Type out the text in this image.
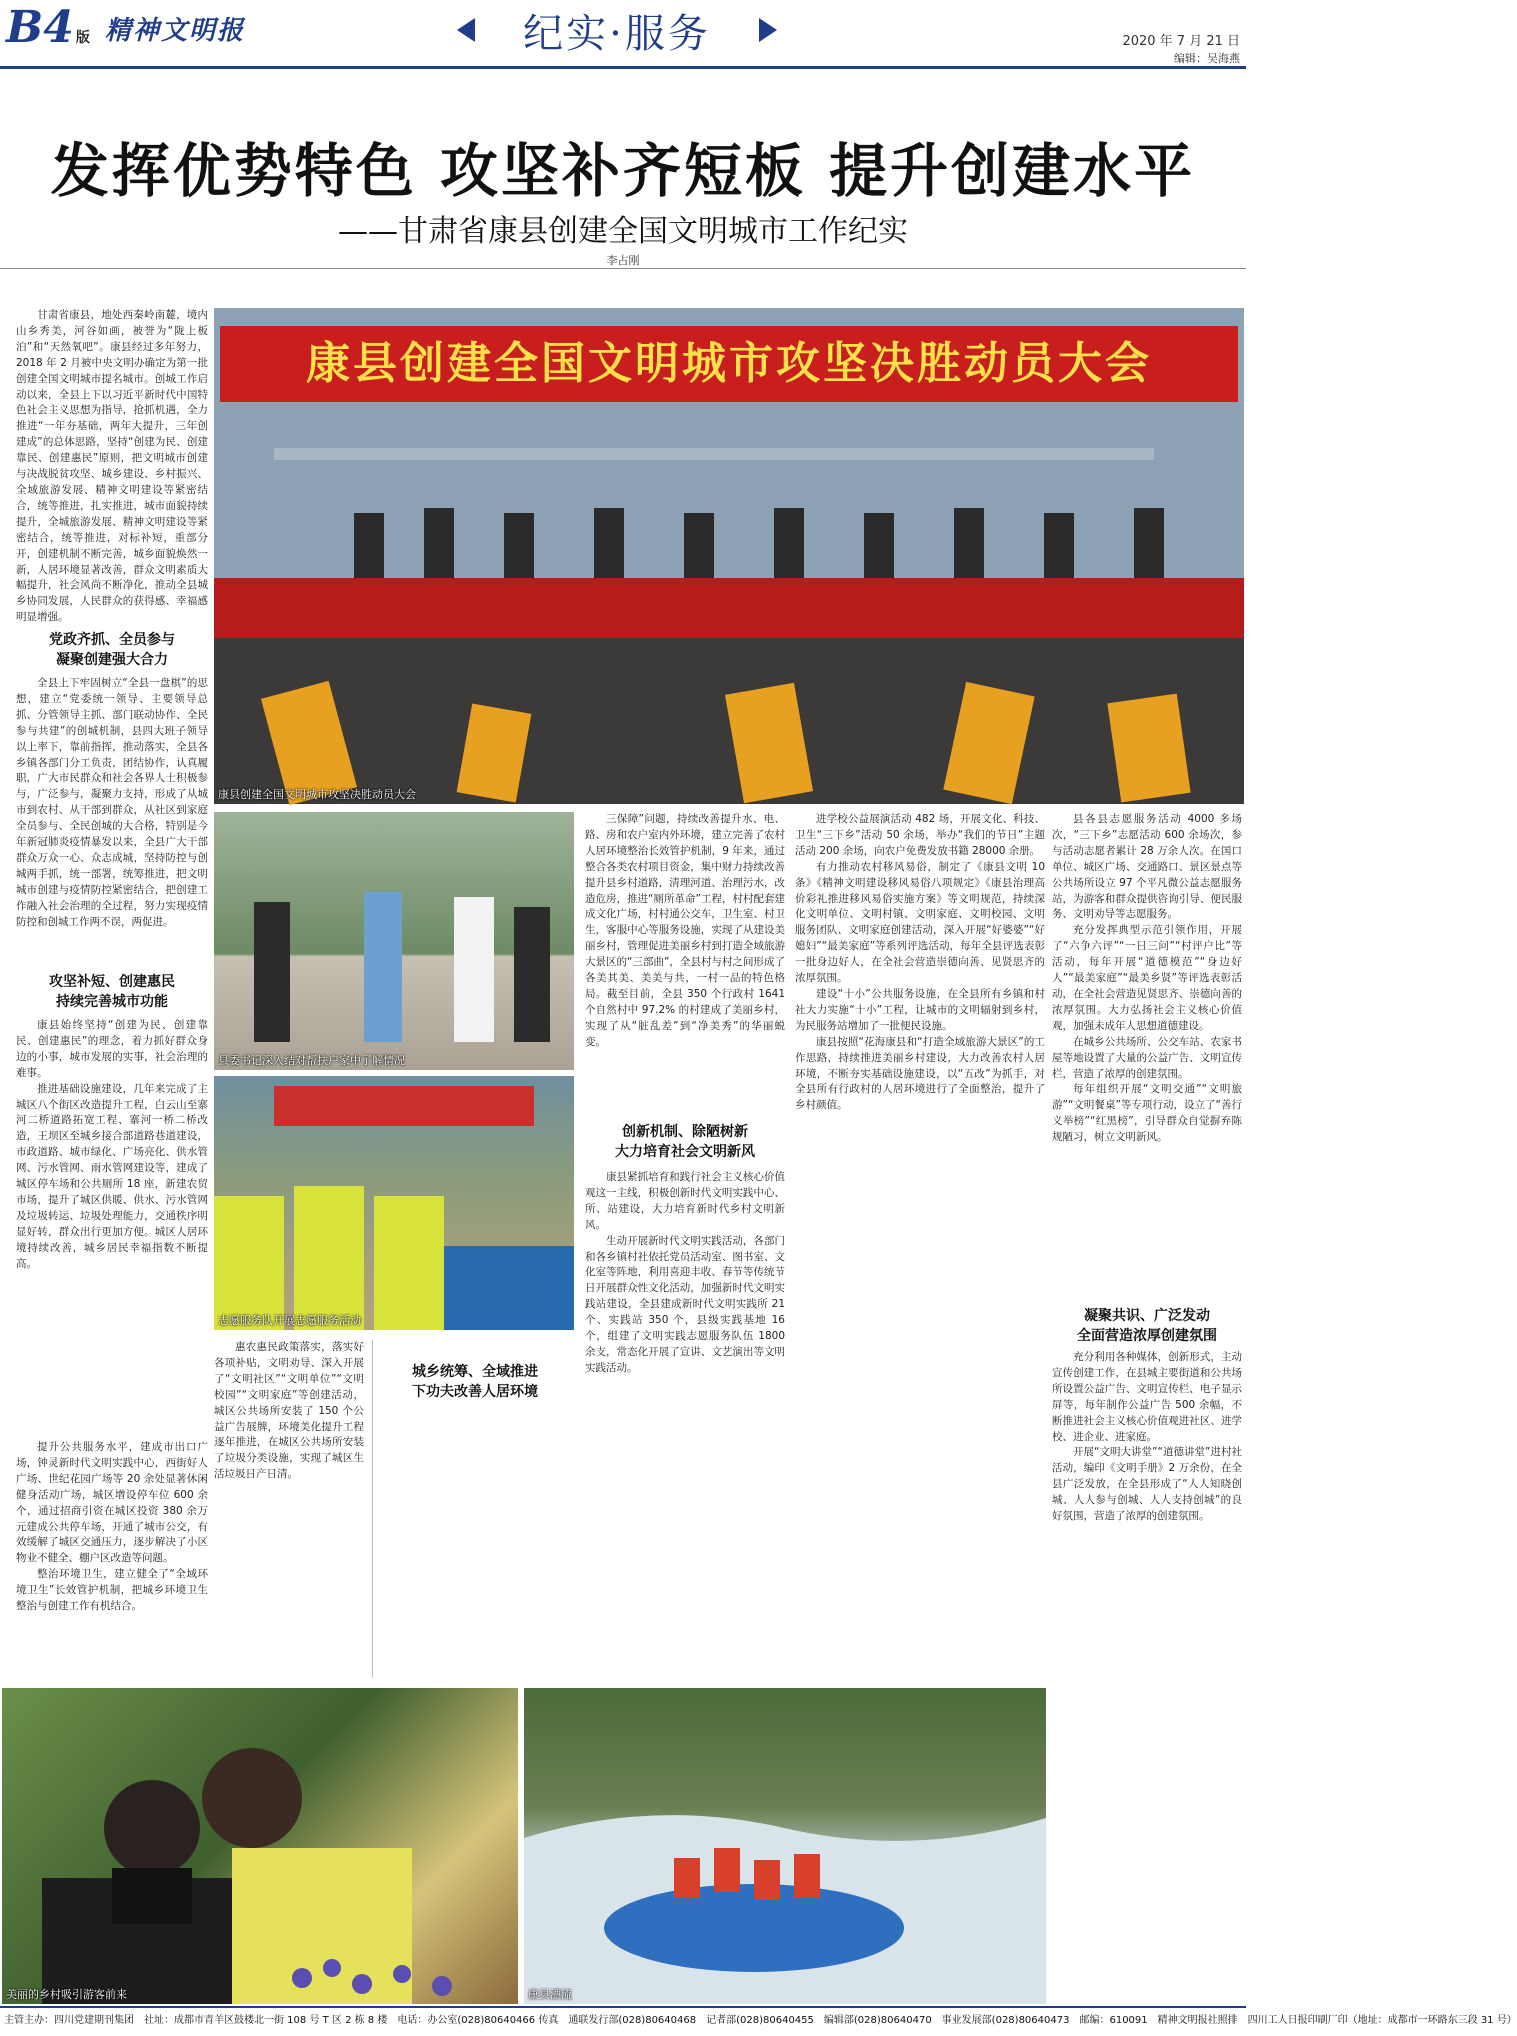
B4 版 精神文明报	纪实·服务	2020 年 7 月 21 日
编辑：吴海燕
发挥优势特色 攻坚补齐短板 提升创建水平
——甘肃省康县创建全国文明城市工作纪实
李占刚

甘肃省康县，地处西秦岭南麓，境内山乡秀美，河谷如画，被誉为“陇上板泊”和“天然氧吧”。康县经过多年努力，2018 年 2 月被中央文明办确定为第一批创建全国文明城市提名城市。创城工作启动以来，全县上下以习近平新时代中国特色社会主义思想为指导，抢抓机遇，全力推进“一年夯基础，两年大提升，三年创建成”的总体思路，坚持“创建为民、创建靠民、创建惠民”原则，把文明城市创建与决战脱贫攻坚、城乡建设、乡村振兴、全域旅游发展、精神文明建设等紧密结合，统等推进，扎实推进，城市面貌持续提升，全城旅游发展、精神文明建设等紧密结合，统等推进，对标补短，重部分开，创建机制不断完善，城乡面貌焕然一新，人居环境显著改善，群众文明素质大幅提升，社会风尚不断净化，推动全县城乡协同发展，人民群众的获得感、幸福感明显增强。

党政齐抓、全员参与
凝聚创建强大合力

全县上下牢固树立“全县一盘棋”的思想，建立“党委统一领导、主要领导总抓、分管领导主抓、部门联动协作、全民参与共建”的创城机制，县四大班子领导以上率下，靠前指挥，推动落实，全县各乡镇各部门分工负责，团结协作，认真履职，广大市民群众和社会各界人士积极参与，广泛参与，凝聚力支持，形成了从城市到农村、从干部到群众，从社区到家庭全员参与、全民创城的大合格，特别是今年新冠肺炎疫情暴发以来，全县广大干部群众万众一心、众志成城，坚持防控与创城两手抓，统一部署，统筹推进，把文明城市创建与疫情防控紧密结合，把创建工作融入社会治理的全过程，努力实现疫情防控和创城工作两不误，两促进。

攻坚补短、创建惠民
持续完善城市功能

康县始终坚持“创建为民、创建靠民、创建惠民”的理念，着力抓好群众身边的小事，城市发展的实事，社会治理的难事。

推进基础设施建设，几年来完成了主城区八个街区改造提升工程，白云山至寨河二桥道路拓宽工程、寨河一桥二桥改造，王坝区至城乡接合部道路巷道建设，市政道路、城市绿化、广场亮化、供水管网、污水管网、雨水管网建设等，建成了城区停车场和公共厕所 18 座，新建农贸市场，提升了城区供暖、供水、污水管网及垃圾转运、垃圾处理能力，交通秩序明显好转，群众出行更加方便。城区人居环境持续改善，城乡居民幸福指数不断提高。

提升公共服务水平，建成市出口广场，钟灵新时代文明实践中心，西街好人广场、世纪花园广场等 20 余处显著休闲健身活动广场，城区增设停车位 600 余个，通过招商引资在城区投资 380 余万元建成公共停车场，开通了城市公交，有效缓解了城区交通压力，逐步解决了小区物业不健全、棚户区改造等问题。

整治环境卫生，建立健全了“全域环境卫生”长效管护机制，把城乡环境卫生整治与创建工作有机结合。

康县创建全国文明城市攻坚决胜动员大会
康县创建全国文明城市攻坚决胜动员大会
县委书记深入结对帮扶户家中了解情况
志愿服务队开展志愿服务活动

三保障”问题，持续改善提升水、电、路、房和农户室内外环境，建立完善了农村人居环境整治长效管护机制，9 年来，通过整合各类农村项目资金，集中财力持续改善提升县乡村道路，清理河道、治理污水，改造危房，推进“厕所革命”工程，村村配套建成文化广场，村村通公交车，卫生室、村卫生，客服中心等服务设施，实现了从建设美丽乡村，管理促进美丽乡村到打造全域旅游大景区的“三部曲”，全县村与村之间形成了各美其美、美美与共，一村一品的特色格局。截至目前，全县 350 个行政村 1641 个自然村中 97.2% 的村建成了美丽乡村，实现了从“脏乱差”到“净美秀”的华丽蜕变。

创新机制、除陋树新
大力培育社会文明新风

康县紧抓培育和践行社会主义核心价值观这一主线，积极创新时代文明实践中心、所、站建设，大力培育新时代乡村文明新风。

生动开展新时代文明实践活动，各部门和各乡镇村社依托党员活动室、图书室、文化室等阵地，利用喜迎丰收、春节等传统节日开展群众性文化活动，加强新时代文明实践站建设，全县建成新时代文明实践所 21 个、实践站 350 个，县级实践基地 16 个，组建了文明实践志愿服务队伍 1800 余支，常态化开展了宣讲、文艺演出等文明实践活动。

进学校公益展演活动 482 场，开展文化、科技、卫生“三下乡”活动 50 余场，举办“我们的节日”主题活动 200 余场，向农户免费发放书籍 28000 余册。

有力推动农村移风易俗，制定了《康县文明 10 条》《精神文明建设移风易俗八项规定》《康县治理高价彩礼推进移风易俗实施方案》等文明规范，持续深化文明单位、文明村镇、文明家庭、文明校园、文明服务团队、文明家庭创建活动，深入开展“好婆婆”“好媳妇”“最美家庭”等系列评选活动，每年全县评选表彰一批身边好人，在全社会营造崇德向善、见贤思齐的浓厚氛围。

建设“十小”公共服务设施，在全县所有乡镇和村社大力实施“十小”工程，让城市的文明辐射到乡村，为民服务站增加了一批便民设施。

康县按照“花海康县和“打造全域旅游大景区”的工作思路，持续推进美丽乡村建设，大力改善农村人居环境，不断夯实基础设施建设，以“五改”为抓手，对全县所有行政村的人居环境进行了全面整治，提升了乡村颜值。

县各县志愿服务活动 4000 多场次，“三下乡”志愿活动 600 余场次，参与活动志愿者累计 28 万余人次。在国口单位、城区广场、交通路口、景区景点等公共场所设立 97 个平凡微公益志愿服务站，为游客和群众提供咨询引导、便民服务、文明劝导等志愿服务。

充分发挥典型示范引领作用，开展了“六争六评”“一日三问”“村评户比”等活动，每年开展“道德模范”“身边好人”“最美家庭”“最美乡贤”等评选表彰活动，在全社会营造见贤思齐、崇德向善的浓厚氛围。大力弘扬社会主义核心价值观，加强未成年人思想道德建设。

在城乡公共场所、公交车站、农家书屋等地设置了大量的公益广告、文明宣传栏，营造了浓厚的创建氛围。

每年组织开展“文明交通”“文明旅游”“文明餐桌”等专项行动，设立了“善行义举榜”“红黑榜”，引导群众自觉摒弃陈规陋习，树立文明新风。

凝聚共识、广泛发动
全面营造浓厚创建氛围

充分利用各种媒体，创新形式，主动宣传创建工作，在县城主要街道和公共场所设置公益广告、文明宣传栏、电子显示屏等，每年制作公益广告 500 余幅，不断推进社会主义核心价值观进社区、进学校、进企业、进家庭。

开展“文明大讲堂”“道德讲堂”进村社活动，编印《文明手册》2 万余份，在全县广泛发放，在全县形成了“人人知晓创城、人人参与创城、人人支持创城”的良好氛围，营造了浓厚的创建氛围。

惠农惠民政策落实，落实好各项补贴，文明劝导、深入开展了“文明社区”“文明单位”“文明校园”“文明家庭”等创建活动，城区公共场所安装了 150 个公益广告展牌，环境美化提升工程逐年推进，在城区公共场所安装了垃圾分类设施，实现了城区生活垃圾日产日清。

城乡统筹、全域推进
下功夫改善人居环境
美丽的乡村吸引游客前来	康县漂流
主管主办：四川党建期刊集团　社址：成都市青羊区鼓楼北一街 108 号 T 区 2 栋 8 楼　电话：办公室(028)80640466 传真　通联发行部(028)80640468　记者部(028)80640455　编辑部(028)80640470　事业发展部(028)80640473　邮编：610091　精神文明报社照排　四川工人日报印刷厂印（地址：成都市一环路东三段 31 号）
